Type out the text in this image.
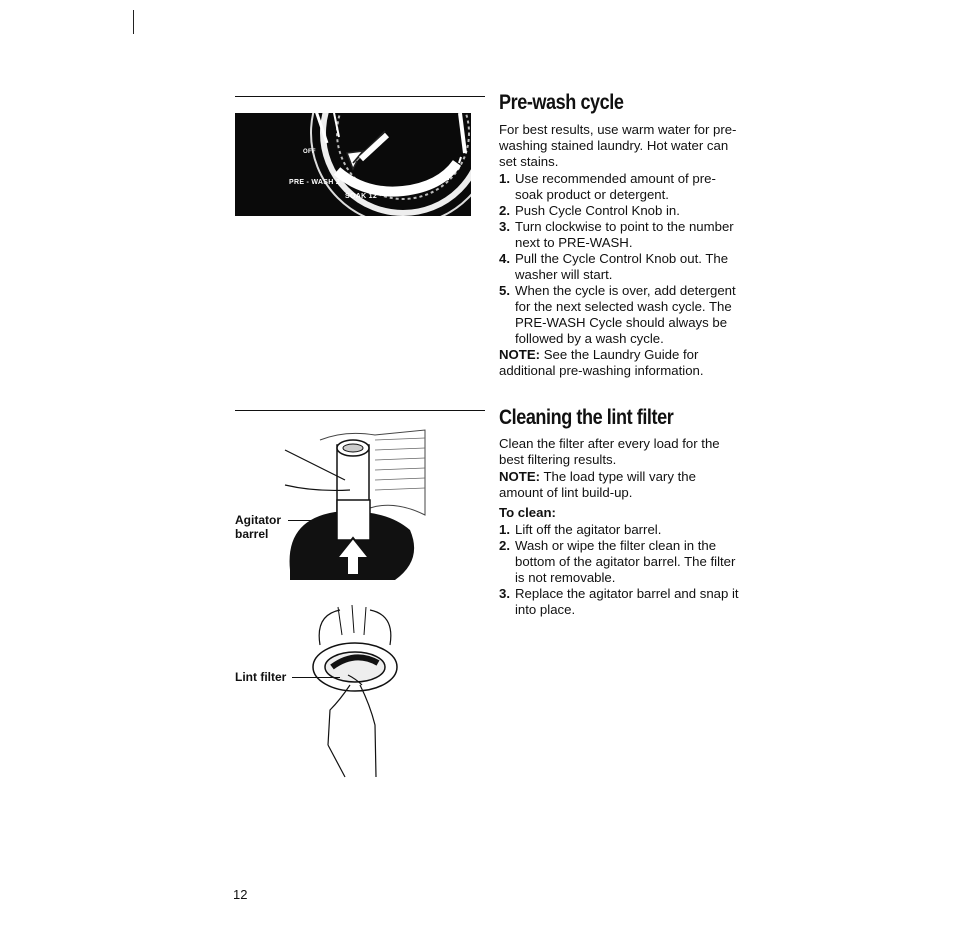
OFF
PRE - WASH 2
SOAK 12
Pre-wash cycle

For best results, use warm water for pre-washing stained laundry. Hot water can set stains.

1. Use recommended amount of pre-soak product or detergent.
2. Push Cycle Control Knob in.
3. Turn clockwise to point to the number next to PRE-WASH.
4. Pull the Cycle Control Knob out. The washer will start.
5. When the cycle is over, add detergent for the next selected wash cycle. The PRE-WASH Cycle should always be followed by a wash cycle.

NOTE: See the Laundry Guide for additional pre-washing information.

Cleaning the lint filter

Clean the filter after every load for the best filtering results.

NOTE: The load type will vary the amount of lint build-up.

To clean:

1. Lift off the agitator barrel.
2. Wash or wipe the filter clean in the bottom of the agitator barrel. The filter is not removable.
3. Replace the agitator barrel and snap it into place.
Agitator
barrel
Lint filter
12
